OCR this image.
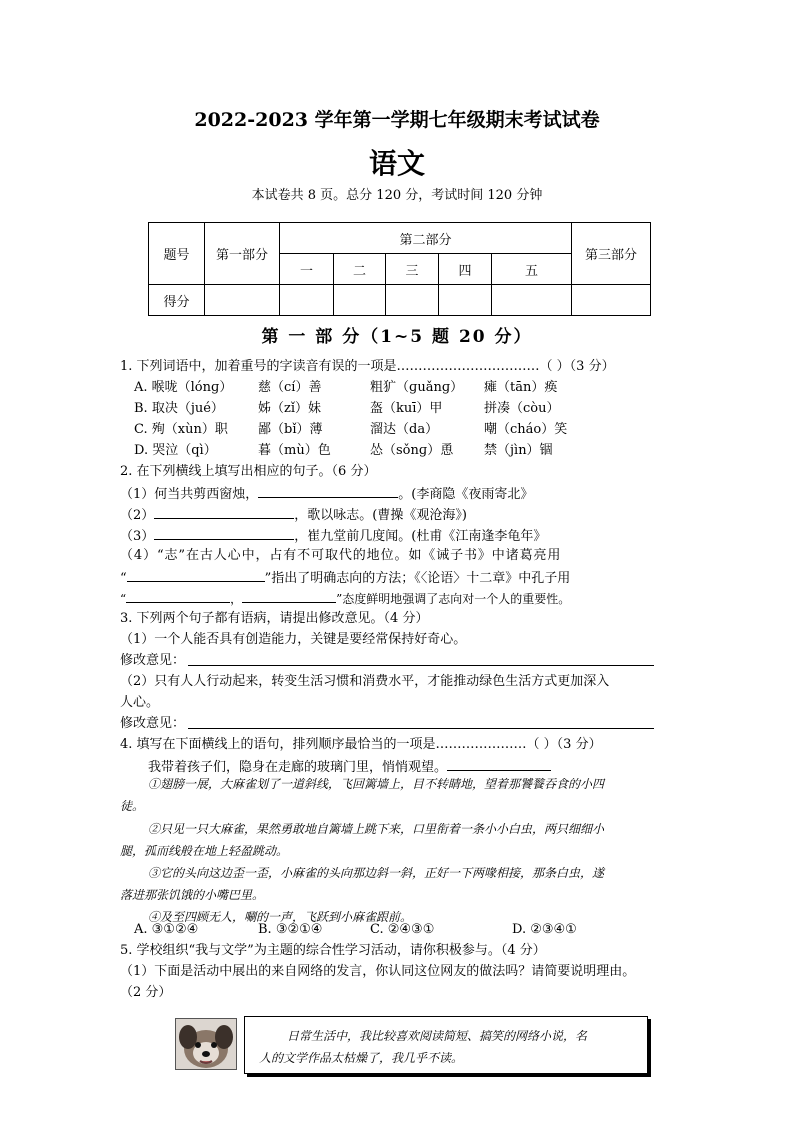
2022-2023 学年第一学期七年级期末考试试卷
语文
本试卷共 8 页。总分 120 分，考试时间 120 分钟
题号	第一部分	第二部分					第三部分
		一	二	三	四	五	
得分							
第 一 部 分（1~5 题 20 分）
1. 下列词语中，加着重号的字读音有误的一项是……………………………（ ）（3 分）
A. 喉咙（lónɡ） 慈（cí）善	粗犷（ɡuǎnɡ） 瘫（tān）痪
B. 取决（jué）	姊（zǐ）妹	盔（kuī）甲	拼凑（còu）
C. 殉（xùn）职 鄙（bǐ）薄	溜达（da）	嘲（cháo）笑
D. 哭泣（qì）	暮（mù）色	怂（sǒnɡ）恿 禁（jìn）锢
2. 在下列横线上填写出相应的句子。（6 分）
（1）何当共剪西窗烛，	。(李商隐《夜雨寄北》
（2）	，歌以咏志。(曹操《观沧海》)
（3）	，崔九堂前几度闻。(杜甫《江南逢李龟年》
（4）“志”在古人心中，占有不可取代的地位。如《诫子书》中诸葛亮用
“	”指出了明确志向的方法；《〈论语〉十二章》中孔子用
“	，	”态度鲜明地强调了志向对一个人的重要性。
3. 下列两个句子都有语病，请提出修改意见。（4 分）
（1）一个人能否具有创造能力，关键是要经常保持好奇心。
修改意见：
（2）只有人人行动起来，转变生活习惯和消费水平，才能推动绿色生活方式更加深入
人心。
修改意见：
4. 填写在下面横线上的语句，排列顺序最恰当的一项是…………………（ ）（3 分）
我带着孩子们，隐身在走廊的玻璃门里，悄悄观望。
①翅膀一展，大麻雀划了一道斜线，飞回篱墙上，目不转睛地，望着那饕餮吞食的小四
徒。
②只见一只大麻雀，果然勇敢地自篱墙上跳下来，口里衔着一条小小白虫，两只细细小
腿，孤而线般在地上轻盈跳动。
③它的头向这边歪一歪，小麻雀的头向那边斜一斜，正好一下两喙相接，那条白虫，遂
落进那张饥饿的小嘴巴里。
④及至四顾无人，唰的一声，飞跃到小麻雀跟前。
A. ③①②④	B. ③②①④	C. ②④③①	D. ②③④①
5. 学校组织“我与文学”为主题的综合性学习活动，请你积极参与。（4 分）
（1）下面是活动中展出的来自网络的发言，你认同这位网友的做法吗？请简要说明理由。
（2 分）
日常生活中，我比较喜欢阅读简短、搞笑的网络小说，名
人的文学作品太枯燥了，我几乎不读。
